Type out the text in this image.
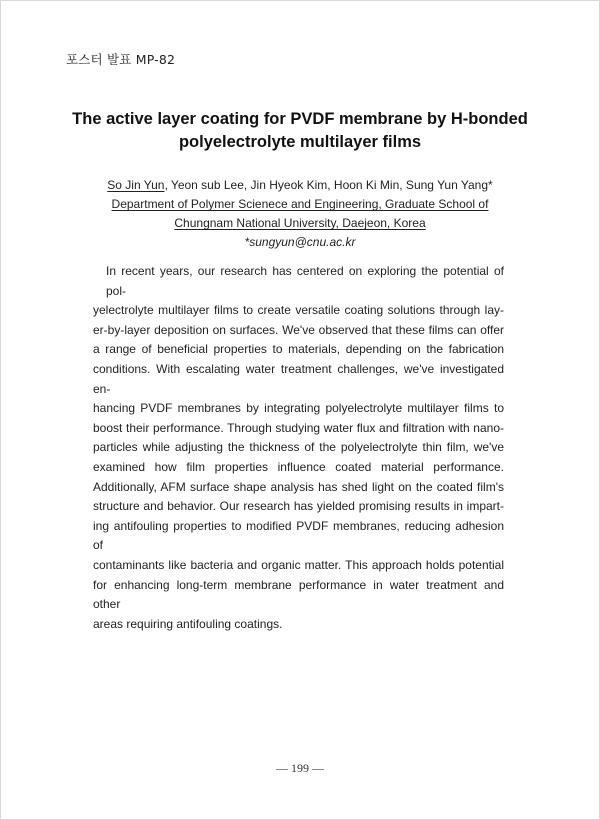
포스터 발표 MP-82
The active layer coating for PVDF membrane by H-bonded
polyelectrolyte multilayer films
So Jin Yun, Yeon sub Lee, Jin Hyeok Kim, Hoon Ki Min, Sung Yun Yang*
Department of Polymer Scienece and Engineering, Graduate School of
Chungnam National University, Daejeon, Korea
*sungyun@cnu.ac.kr
In recent years, our research has centered on exploring the potential of pol-
yelectrolyte multilayer films to create versatile coating solutions through lay-
er-by-layer deposition on surfaces. We've observed that these films can offer
a range of beneficial properties to materials, depending on the fabrication
conditions. With escalating water treatment challenges, we've investigated en-
hancing PVDF membranes by integrating polyelectrolyte multilayer films to
boost their performance. Through studying water flux and filtration with nano-
particles while adjusting the thickness of the polyelectrolyte thin film, we've
examined how film properties influence coated material performance.
Additionally, AFM surface shape analysis has shed light on the coated film's
structure and behavior. Our research has yielded promising results in impart-
ing antifouling properties to modified PVDF membranes, reducing adhesion of
contaminants like bacteria and organic matter. This approach holds potential
for enhancing long-term membrane performance in water treatment and other
areas requiring antifouling coatings.
— 199 —
